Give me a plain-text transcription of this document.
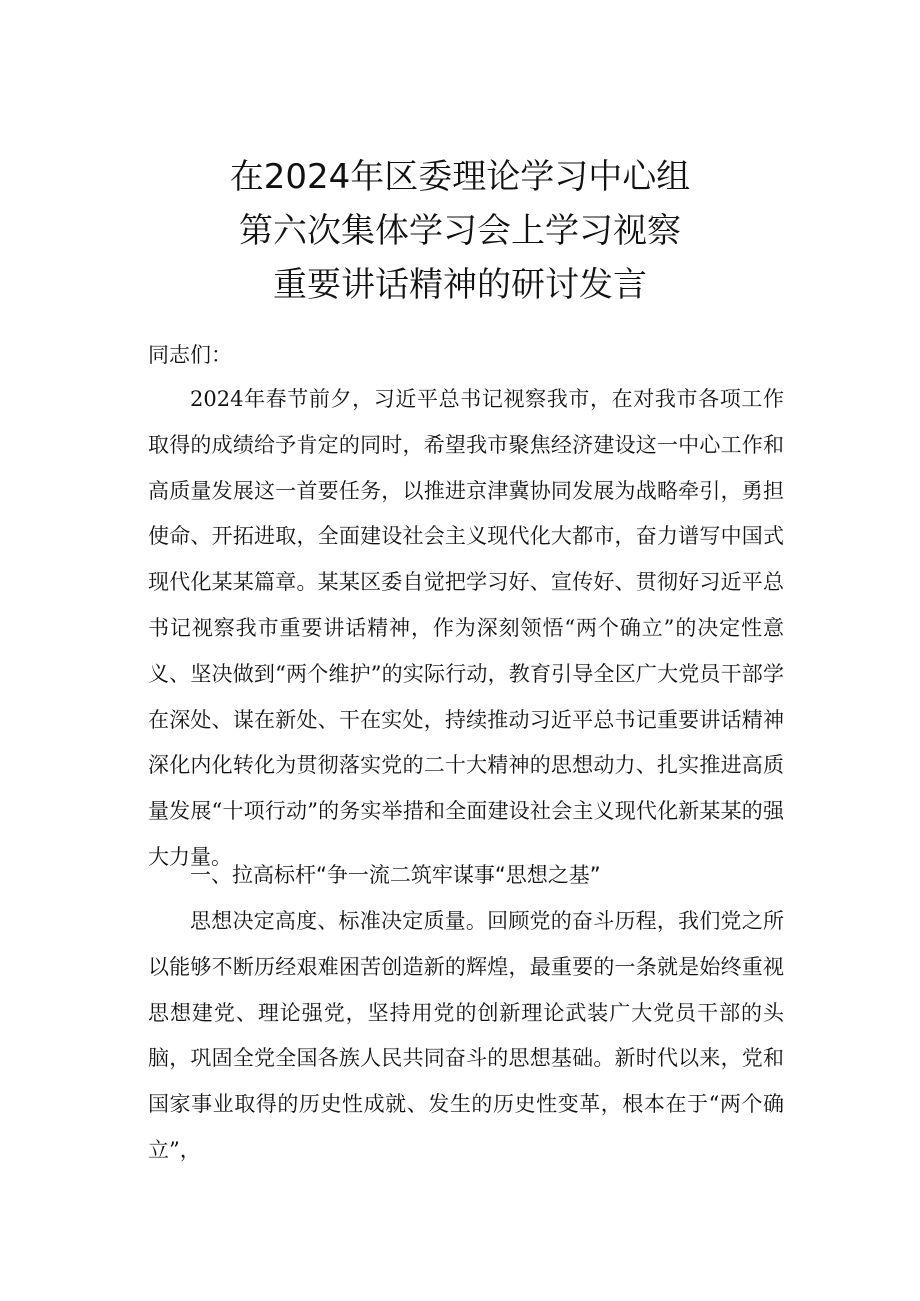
在2024年区委理论学习中心组
第六次集体学习会上学习视察
重要讲话精神的研讨发言
同志们：

2024年春节前夕，习近平总书记视察我市，在对我市各项工作取得的成绩给予肯定的同时，希望我市聚焦经济建设这一中心工作和高质量发展这一首要任务，以推进京津冀协同发展为战略牵引，勇担使命、开拓进取，全面建设社会主义现代化大都市，奋力谱写中国式现代化某某篇章。某某区委自觉把学习好、宣传好、贯彻好习近平总书记视察我市重要讲话精神，作为深刻领悟“两个确立”的决定性意义、坚决做到“两个维护”的实际行动，教育引导全区广大党员干部学在深处、谋在新处、干在实处，持续推动习近平总书记重要讲话精神深化内化转化为贯彻落实党的二十大精神的思想动力、扎实推进高质量发展“十项行动”的务实举措和全面建设社会主义现代化新某某的强大力量。

一、拉高标杆“争一流二筑牢谋事“思想之基”

思想决定高度、标准决定质量。回顾党的奋斗历程，我们党之所以能够不断历经艰难困苦创造新的辉煌，最重要的一条就是始终重视思想建党、理论强党，坚持用党的创新理论武装广大党员干部的头脑，巩固全党全国各族人民共同奋斗的思想基础。新时代以来，党和国家事业取得的历史性成就、发生的历史性变革，根本在于“两个确立”，
